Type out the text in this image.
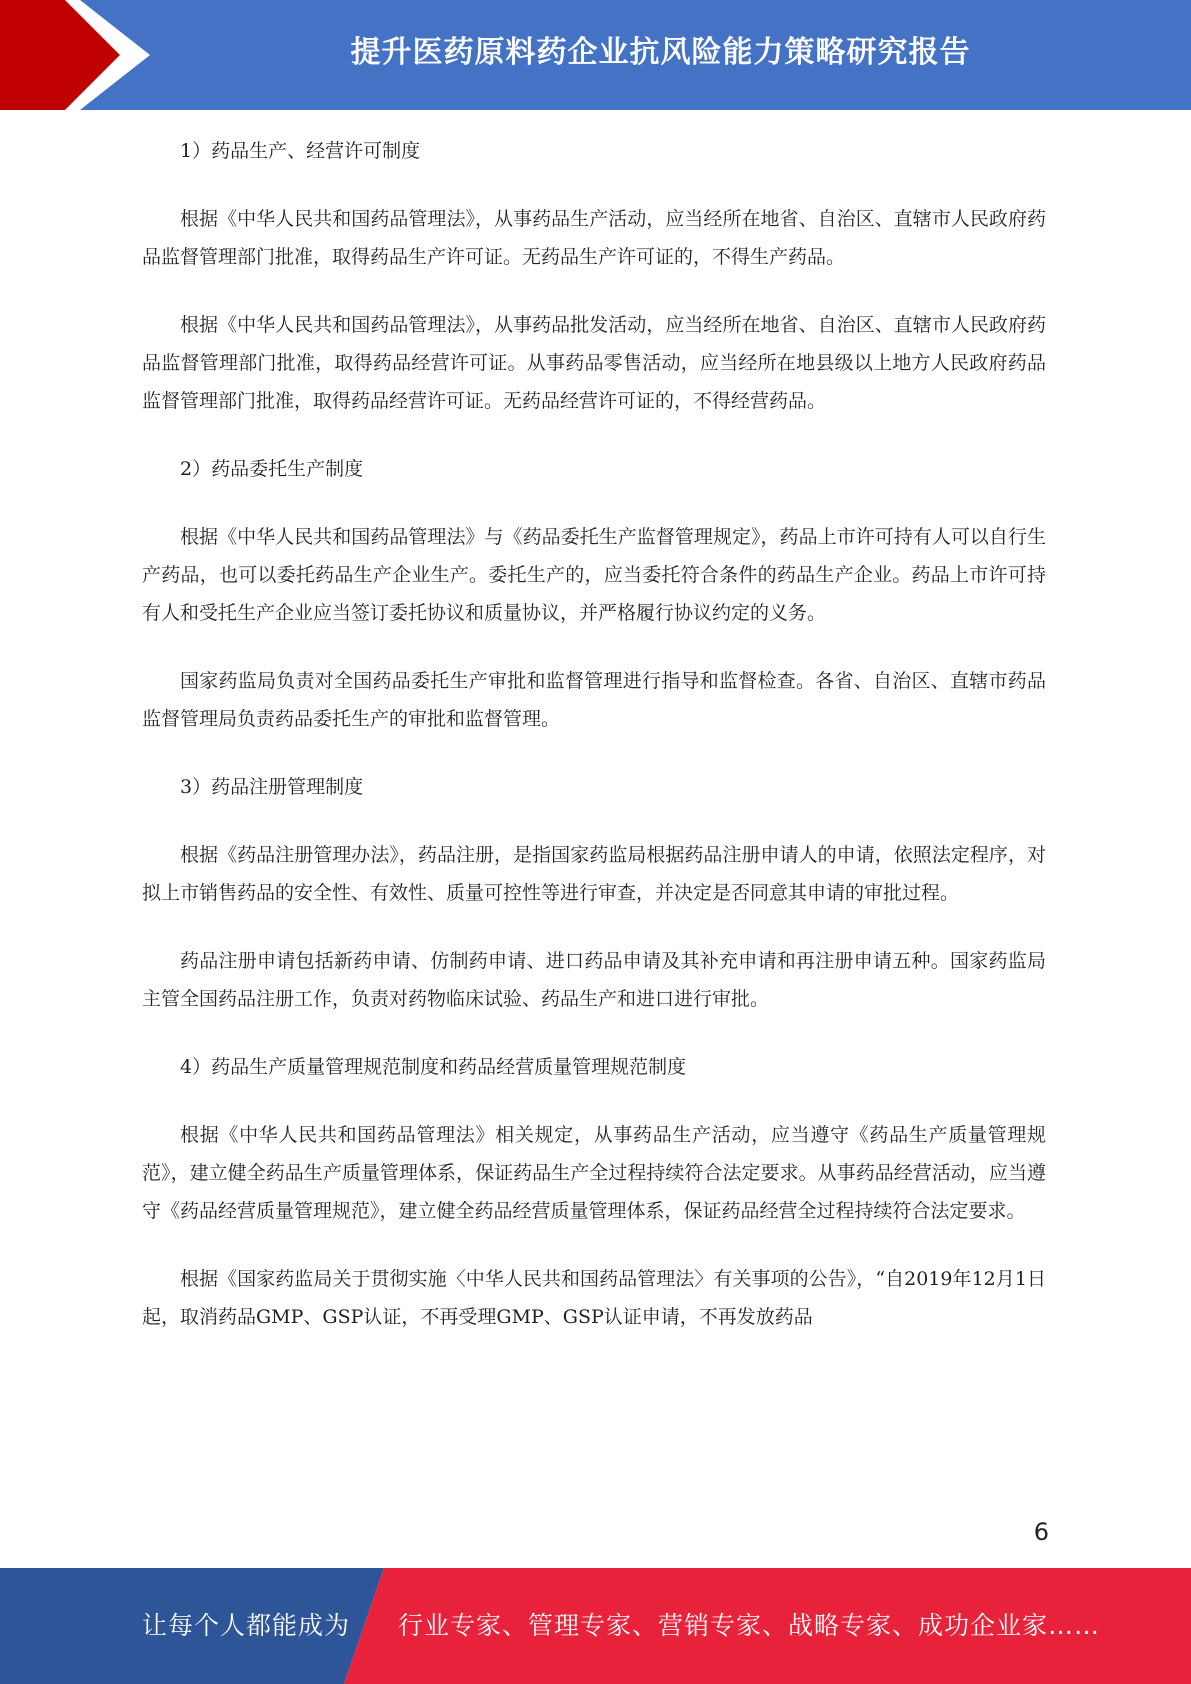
提升医药原料药企业抗风险能力策略研究报告

1）药品生产、经营许可制度

根据《中华人民共和国药品管理法》，从事药品生产活动，应当经所在地省、自治区、直辖市人民政府药品监督管理部门批准，取得药品生产许可证。无药品生产许可证的，不得生产药品。

根据《中华人民共和国药品管理法》，从事药品批发活动，应当经所在地省、自治区、直辖市人民政府药品监督管理部门批准，取得药品经营许可证。从事药品零售活动，应当经所在地县级以上地方人民政府药品监督管理部门批准，取得药品经营许可证。无药品经营许可证的，不得经营药品。

2）药品委托生产制度

根据《中华人民共和国药品管理法》与《药品委托生产监督管理规定》，药品上市许可持有人可以自行生产药品，也可以委托药品生产企业生产。委托生产的，应当委托符合条件的药品生产企业。药品上市许可持有人和受托生产企业应当签订委托协议和质量协议，并严格履行协议约定的义务。

国家药监局负责对全国药品委托生产审批和监督管理进行指导和监督检查。各省、自治区、直辖市药品监督管理局负责药品委托生产的审批和监督管理。

3）药品注册管理制度

根据《药品注册管理办法》，药品注册，是指国家药监局根据药品注册申请人的申请，依照法定程序，对拟上市销售药品的安全性、有效性、质量可控性等进行审查，并决定是否同意其申请的审批过程。

药品注册申请包括新药申请、仿制药申请、进口药品申请及其补充申请和再注册申请五种。国家药监局主管全国药品注册工作，负责对药物临床试验、药品生产和进口进行审批。

4）药品生产质量管理规范制度和药品经营质量管理规范制度

根据《中华人民共和国药品管理法》相关规定，从事药品生产活动，应当遵守《药品生产质量管理规范》，建立健全药品生产质量管理体系，保证药品生产全过程持续符合法定要求。从事药品经营活动，应当遵守《药品经营质量管理规范》，建立健全药品经营质量管理体系，保证药品经营全过程持续符合法定要求。

根据《国家药监局关于贯彻实施〈中华人民共和国药品管理法〉有关事项的公告》，“自2019年12月1日起，取消药品GMP、GSP认证，不再受理GMP、GSP认证申请，不再发放药品

6
让每个人都能成为 行业专家、管理专家、营销专家、战略专家、成功企业家……
